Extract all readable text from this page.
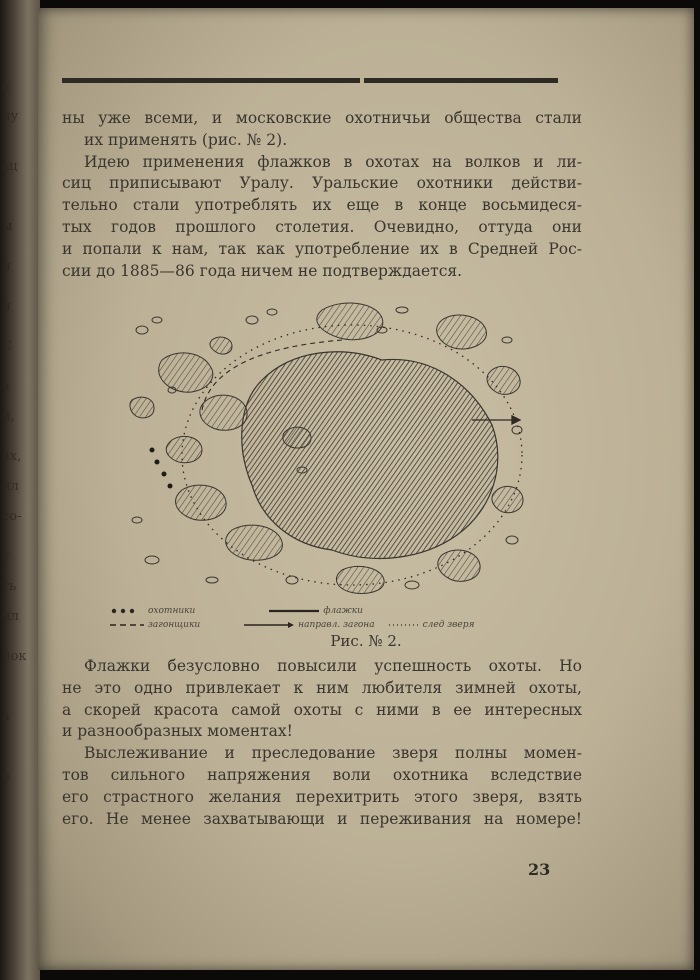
ь
ну
ьц
ы
и
н
С
а
и,
ах,
ил
со-
у
ть
ил
пок
а
о

ны уже всеми, и московские охотничьи общества стали
их применять (рис. № 2).

Идею применения флажков в охотах на волков и ли-
сиц приписывают Уралу. Уральские охотники действи-
тельно стали употреблять их еще в конце восьмидеся-
тых годов прошлого столетия. Очевидно, оттуда они
и попали к нам, так как употребление их в Средней Рос-
сии до 1885—86 года ничем не подтверждается.

охотники	флажки
загонщики	направл. загона	след зверя
Рис. № 2.

Флажки безусловно повысили успешность охоты. Но
не это одно привлекает к ним любителя зимней охоты,
а скорей красота самой охоты с ними в ее интересных
и разнообразных моментах!

Выслеживание и преследование зверя полны момен-
тов сильного напряжения воли охотника вследствие
его страстного желания перехитрить этого зверя, взять
его. Не менее захватывающи и переживания на номере!

23
